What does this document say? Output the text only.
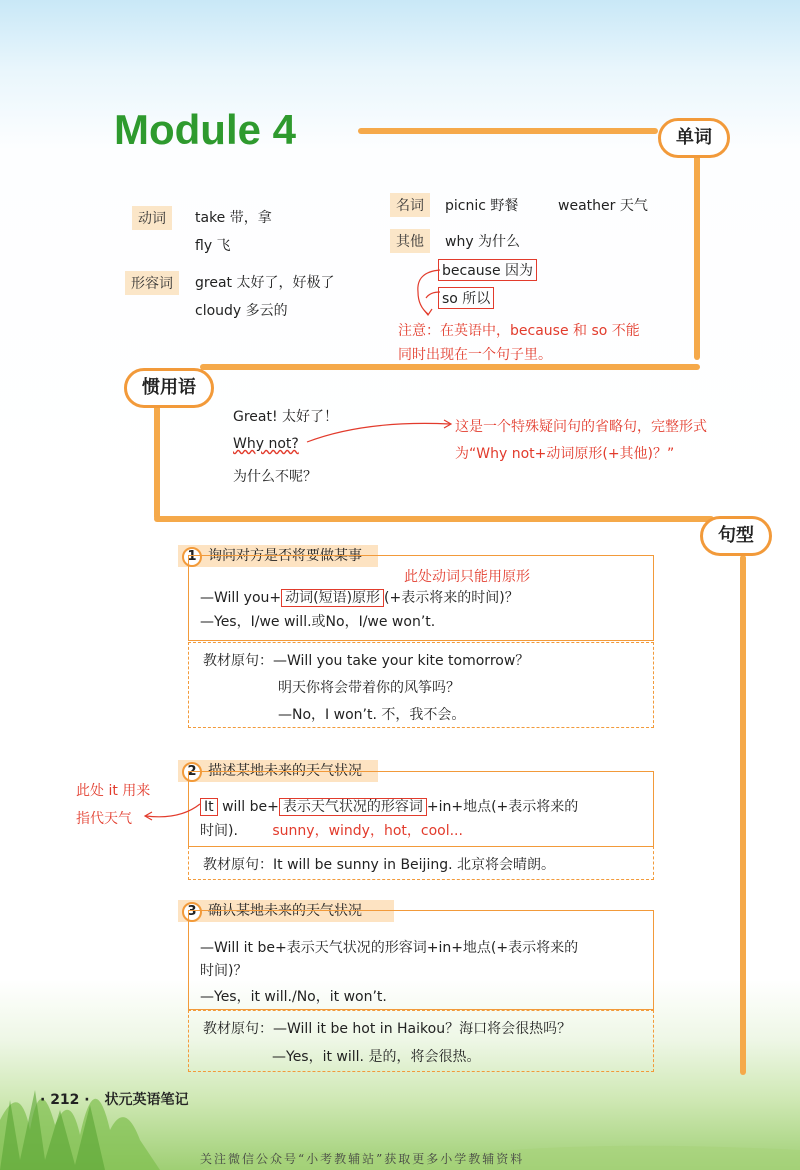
Module 4	单词
惯用语
句型
动词	take 带，拿
fly 飞
形容词	great 太好了，好极了
cloudy 多云的
名词	picnic 野餐	weather 天气
其他	why 为什么
because 因为
so 所以
注意：在英语中，because 和 so 不能
同时出现在一个句子里。
Great! 太好了！
Why not?
为什么不呢？
这是一个特殊疑问句的省略句，完整形式
为“Why not+动词原形(+其他)？”
1 询问对方是否将要做某事
此处动词只能用原形
—Will you+ 动词(短语)原形 (+表示将来的时间)？
—Yes，I/we will.或No，I/we won’t.
教材原句：—Will you take your kite tomorrow？
明天你将会带着你的风筝吗？
—No，I won’t. 不，我不会。
2 描述某地未来的天气状况
此处 it 用来
指代天气
It will be+ 表示天气状况的形容词 +in+地点(+表示将来的
时间). sunny，windy，hot，cool...
教材原句：It will be sunny in Beijing. 北京将会晴朗。
3 确认某地未来的天气状况
—Will it be+表示天气状况的形容词+in+地点(+表示将来的
时间)？
—Yes，it will./No，it won’t.
教材原句：—Will it be hot in Haikou？海口将会很热吗？
—Yes，it will. 是的，将会很热。
· 212 · 状元英语笔记
关注微信公众号“小考教辅站”获取更多小学教辅资料
